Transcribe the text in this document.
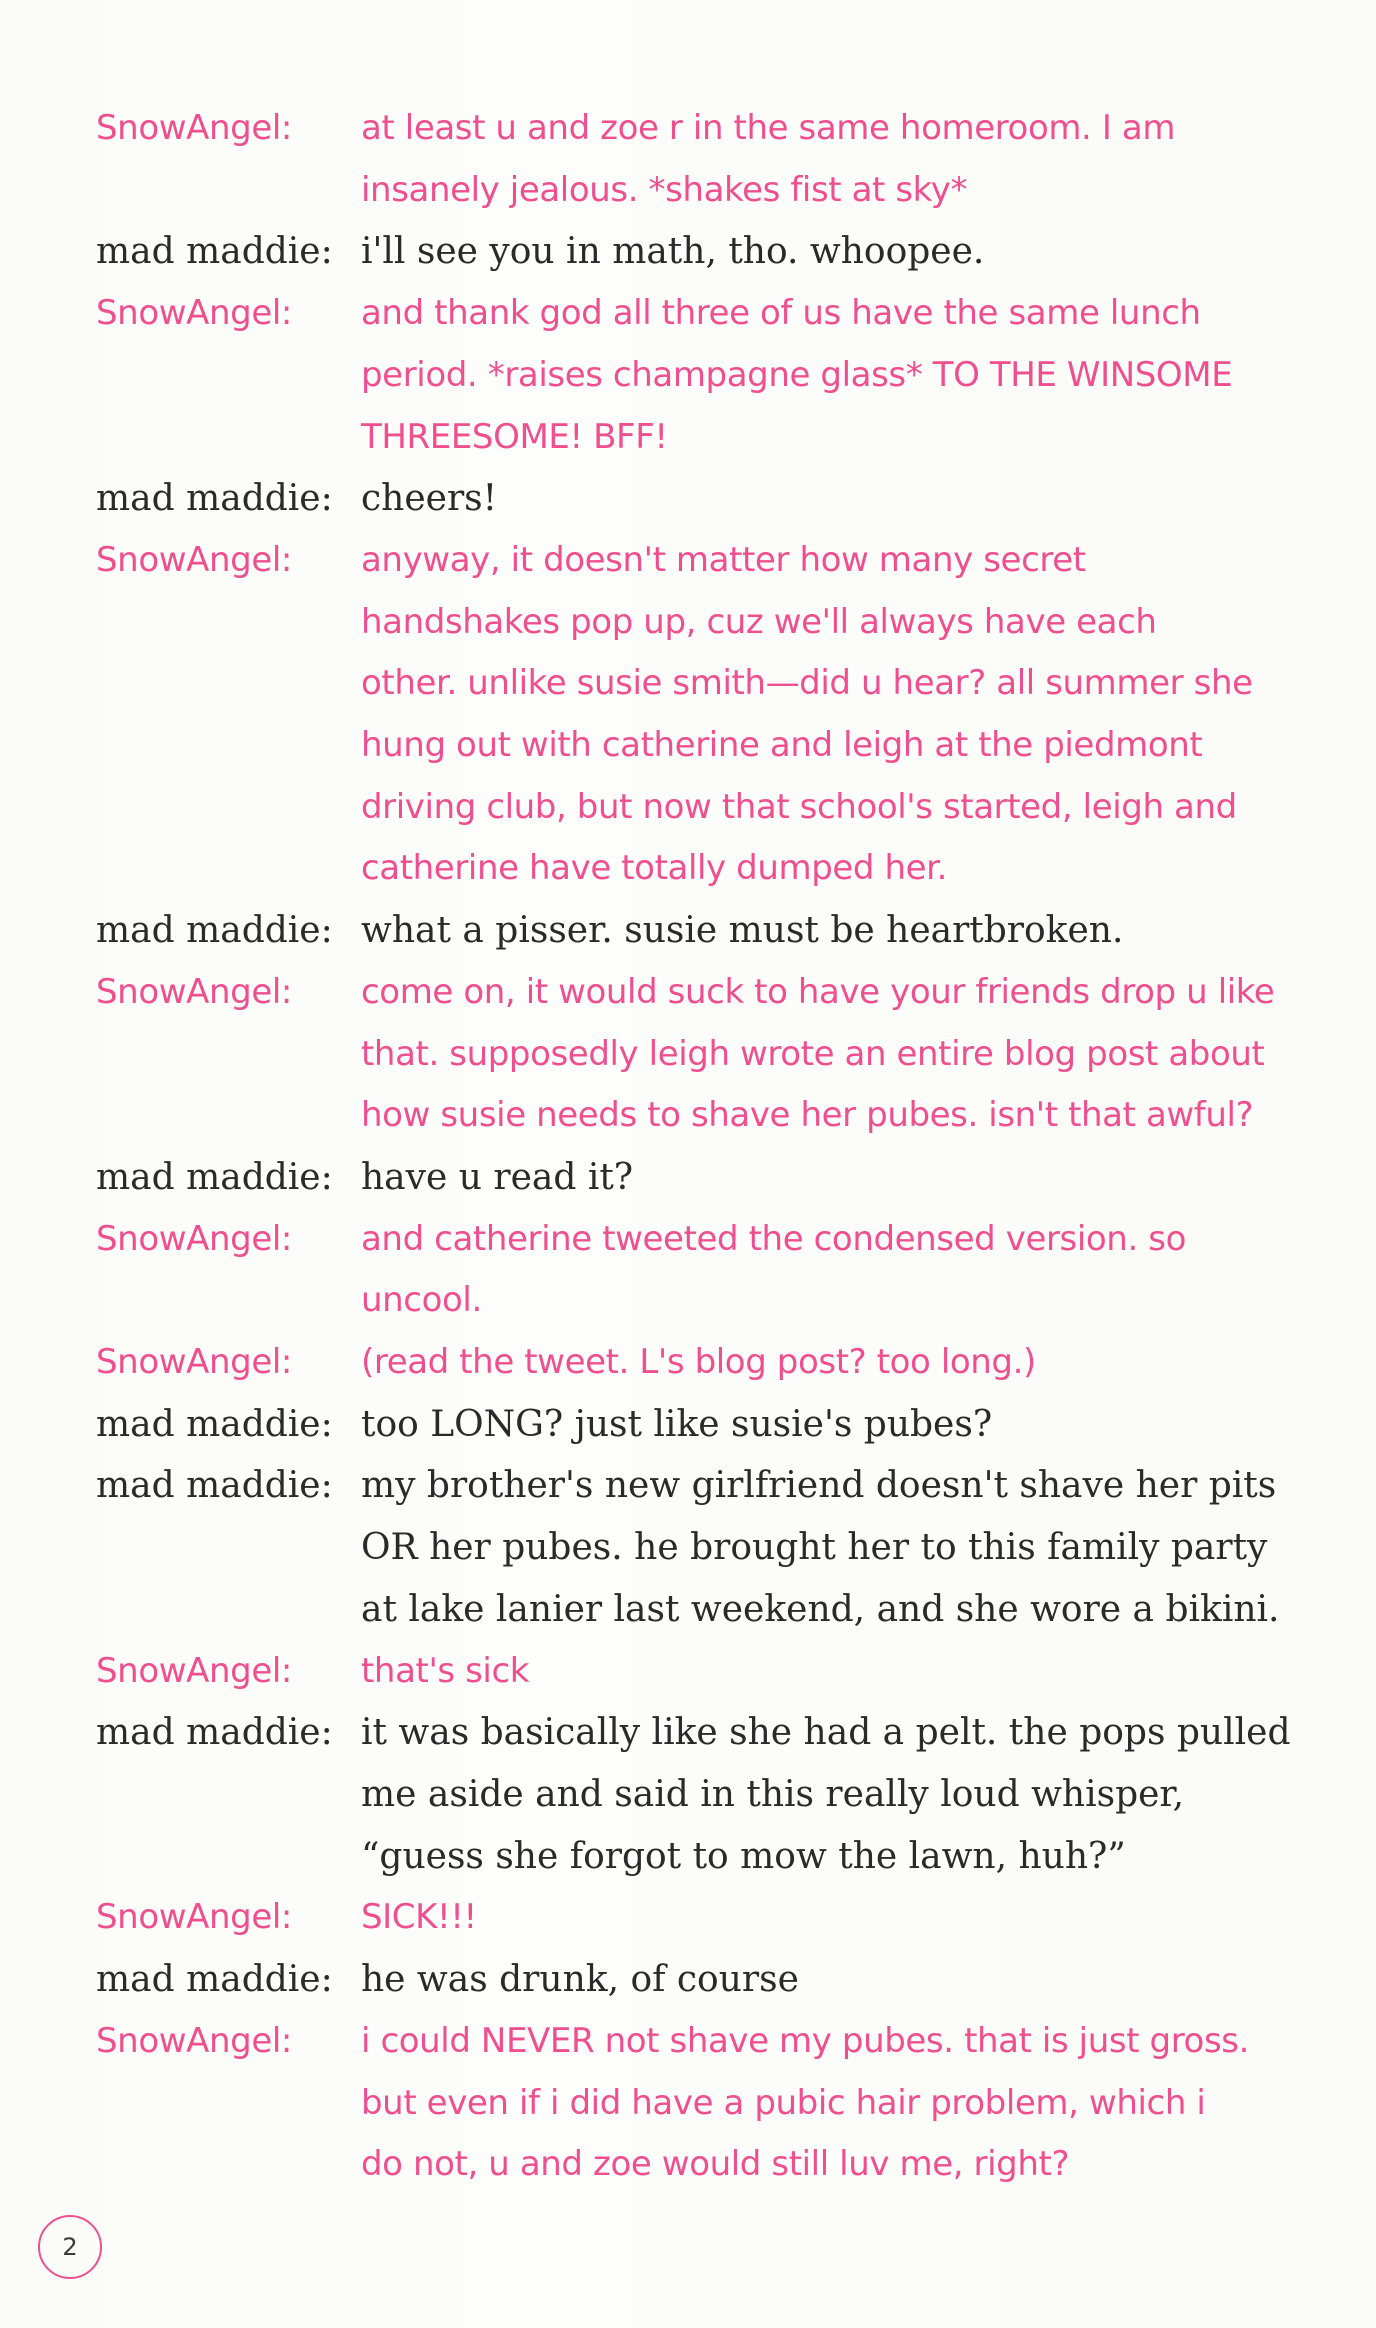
SnowAngel:	at least u and zoe r in the same homeroom. I am
insanely jealous. *shakes fist at sky*
mad maddie: i'll see you in math, tho. whoopee.
SnowAngel:	and thank god all three of us have the same lunch
period. *raises champagne glass* TO THE WINSOME
THREESOME! BFF!
mad maddie: cheers!
SnowAngel:	anyway, it doesn't matter how many secret
handshakes pop up, cuz we'll always have each
other. unlike susie smith—did u hear? all summer she
hung out with catherine and leigh at the piedmont
driving club, but now that school's started, leigh and
catherine have totally dumped her.
mad maddie: what a pisser. susie must be heartbroken.
SnowAngel:	come on, it would suck to have your friends drop u like
that. supposedly leigh wrote an entire blog post about
how susie needs to shave her pubes. isn't that awful?
mad maddie: have u read it?
SnowAngel:	and catherine tweeted the condensed version. so
uncool.
SnowAngel:	(read the tweet. L's blog post? too long.)
mad maddie: too LONG? just like susie's pubes?
mad maddie: my brother's new girlfriend doesn't shave her pits
OR her pubes. he brought her to this family party
at lake lanier last weekend, and she wore a bikini.
SnowAngel:	that's sick
mad maddie: it was basically like she had a pelt. the pops pulled
me aside and said in this really loud whisper,
“guess she forgot to mow the lawn, huh?”
SnowAngel:	SICK!!!
mad maddie: he was drunk, of course
SnowAngel:	i could NEVER not shave my pubes. that is just gross.
but even if i did have a pubic hair problem, which i
do not, u and zoe would still luv me, right?
2
